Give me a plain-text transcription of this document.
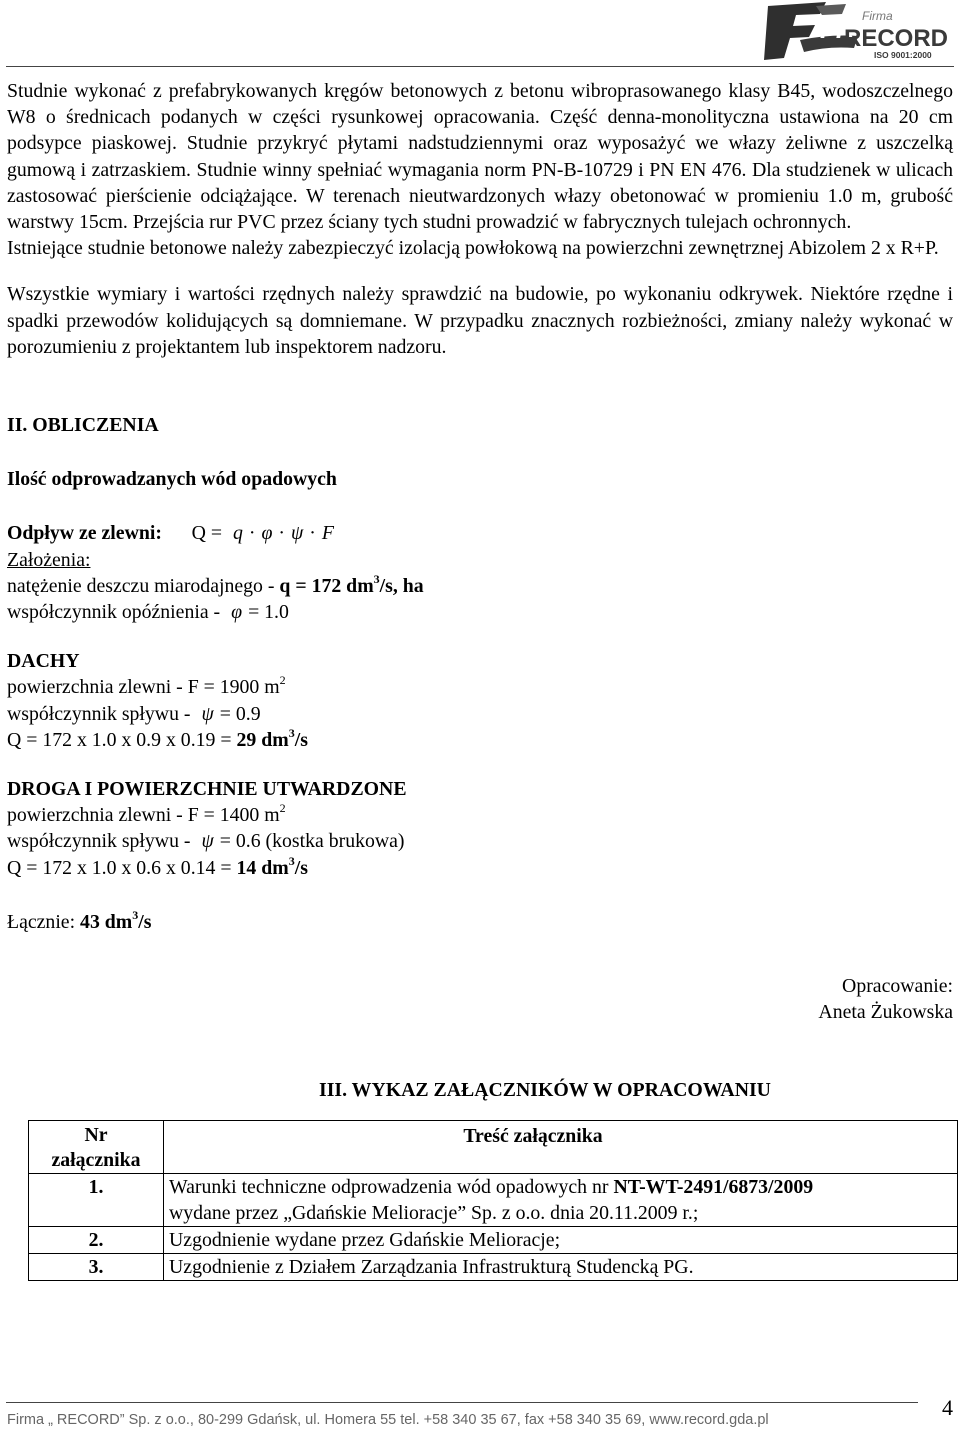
FR Firma
RECORD
ISO 9001:2000

Studnie wykonać z prefabrykowanych kręgów betonowych z betonu wibroprasowanego klasy B45, wodoszczelnego W8 o średnicach podanych w części rysunkowej opracowania. Część denna-monolityczna ustawiona na 20 cm podsypce piaskowej. Studnie przykryć płytami nadstudziennymi oraz wyposażyć we włazy żeliwne z uszczelką gumową i zatrzaskiem. Studnie winny spełniać wymagania norm PN-B-10729 i PN EN 476. Dla studzienek w ulicach zastosować pierścienie odciążające. W terenach nieutwardzonych włazy obetonować w promieniu 1.0 m, grubość warstwy 15cm. Przejścia rur PVC przez ściany tych studni prowadzić w fabrycznych tulejach ochronnych.

Istniejące studnie betonowe należy zabezpieczyć izolacją powłokową na powierzchni zewnętrznej Abizolem 2 x R+P.

Wszystkie wymiary i wartości rzędnych należy sprawdzić na budowie, po wykonaniu odkrywek. Niektóre rzędne i spadki przewodów kolidujących są domniemane. W przypadku znacznych rozbieżności, zmiany należy wykonać w porozumieniu z projektantem lub inspektorem nadzoru.

II. OBLICZENIA

Ilość odprowadzanych wód opadowych

Odpływ ze zlewni: Q = q · φ · ψ · F

Założenia:

natężenie deszczu miarodajnego - q = 172 $dm^3/s$, ha

współczynnik opóźnienia - φ = 1.0

DACHY

powierzchnia zlewni - F = 1900 $m^2$

współczynnik spływu - ψ = 0.9

Q = 172 x 1.0 x 0.9 x 0.19 = 29 $dm^3/s$

DROGA I POWIERZCHNIE UTWARDZONE

powierzchnia zlewni - F = 1400 $m^2$

współczynnik spływu - ψ = 0.6 (kostka brukowa)

Q = 172 x 1.0 x 0.6 x 0.14 = 14 $dm^3/s$

Łącznie: 43 $dm^3/s$

Opracowanie:

Aneta Żukowska

III. WYKAZ ZAŁĄCZNIKÓW W OPRACOWANIU

Nr
załącznika	Treść załącznika
1.	Warunki techniczne odprowadzenia wód opadowych nr NT-WT-2491/6873/2009
wydane przez „Gdańskie Melioracje” Sp. z o.o. dnia 20.11.2009 r.;
2.	Uzgodnienie wydane przez Gdańskie Melioracje;
3.	Uzgodnienie z Działem Zarządzania Infrastrukturą Studencką PG.
Firma „ RECORD” Sp. z o.o., 80-299 Gdańsk, ul. Homera 55 tel. +58 340 35 67, fax +58 340 35 69, www.record.gda.pl	4
